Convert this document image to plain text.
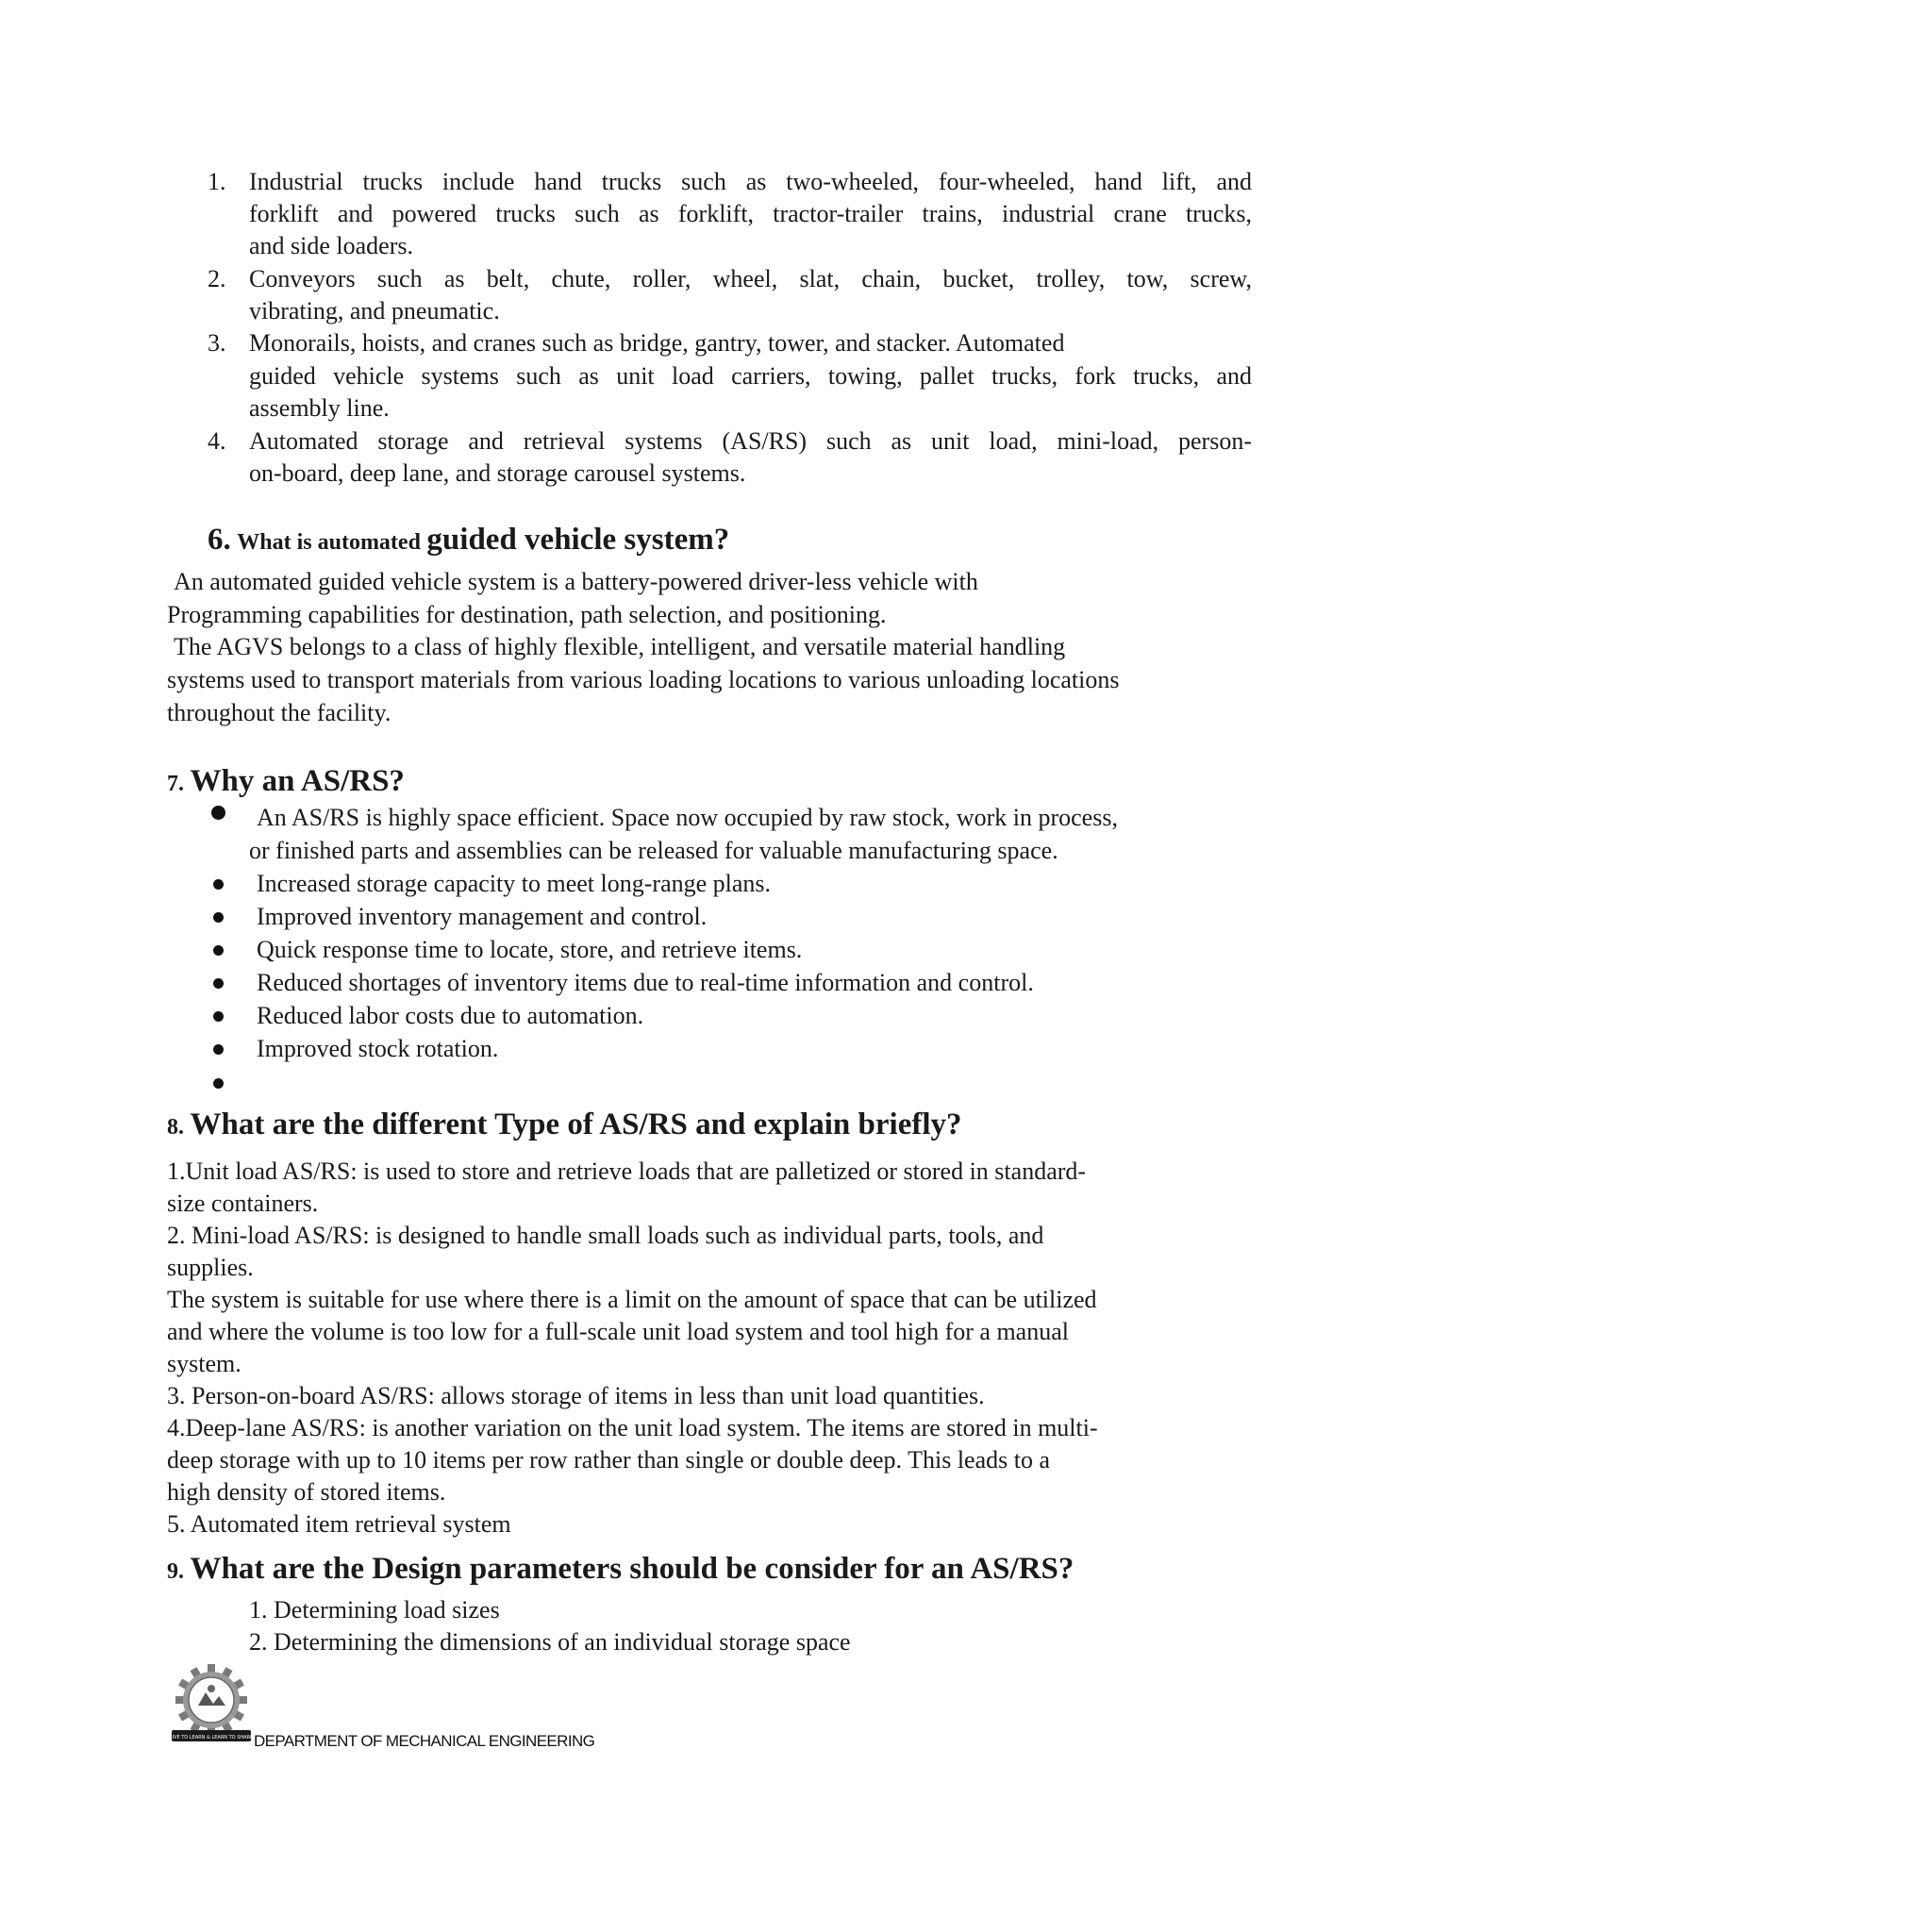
1. Industrial trucks include hand trucks such as two-wheeled, four-wheeled, hand lift, and
forklift and powered trucks such as forklift, tractor-trailer trains, industrial crane trucks,
and side loaders.
2. Conveyors such as belt, chute, roller, wheel, slat, chain, bucket, trolley, tow, screw,
vibrating, and pneumatic.
3. Monorails, hoists, and cranes such as bridge, gantry, tower, and stacker. Automated
guided vehicle systems such as unit load carriers, towing, pallet trucks, fork trucks, and
assembly line.
4. Automated storage and retrieval systems (AS/RS) such as unit load, mini-load, person-
on-board, deep lane, and storage carousel systems.
6. What is automated guided vehicle system?
An automated guided vehicle system is a battery-powered driver-less vehicle with
Programming capabilities for destination, path selection, and positioning.
The AGVS belongs to a class of highly flexible, intelligent, and versatile material handling
systems used to transport materials from various loading locations to various unloading locations
throughout the facility.
7. Why an AS/RS?
An AS/RS is highly space efficient. Space now occupied by raw stock, work in process,
or finished parts and assemblies can be released for valuable manufacturing space.
Increased storage capacity to meet long-range plans.
Improved inventory management and control.
Quick response time to locate, store, and retrieve items.
Reduced shortages of inventory items due to real-time information and control.
Reduced labor costs due to automation.
Improved stock rotation.
8. What are the different Type of AS/RS and explain briefly?
1.Unit load AS/RS: is used to store and retrieve loads that are palletized or stored in standard-
size containers.
2. Mini-load AS/RS: is designed to handle small loads such as individual parts, tools, and
supplies.
The system is suitable for use where there is a limit on the amount of space that can be utilized
and where the volume is too low for a full-scale unit load system and tool high for a manual
system.
3. Person-on-board AS/RS: allows storage of items in less than unit load quantities.
4.Deep-lane AS/RS: is another variation on the unit load system. The items are stored in multi-
deep storage with up to 10 items per row rather than single or double deep. This leads to a
high density of stored items.
5. Automated item retrieval system
9. What are the Design parameters should be consider for an AS/RS?
1. Determining load sizes
2. Determining the dimensions of an individual storage space
LIVE TO LEARN & LEARN TO SHARE DEPARTMENT OF MECHANICAL ENGINEERING
